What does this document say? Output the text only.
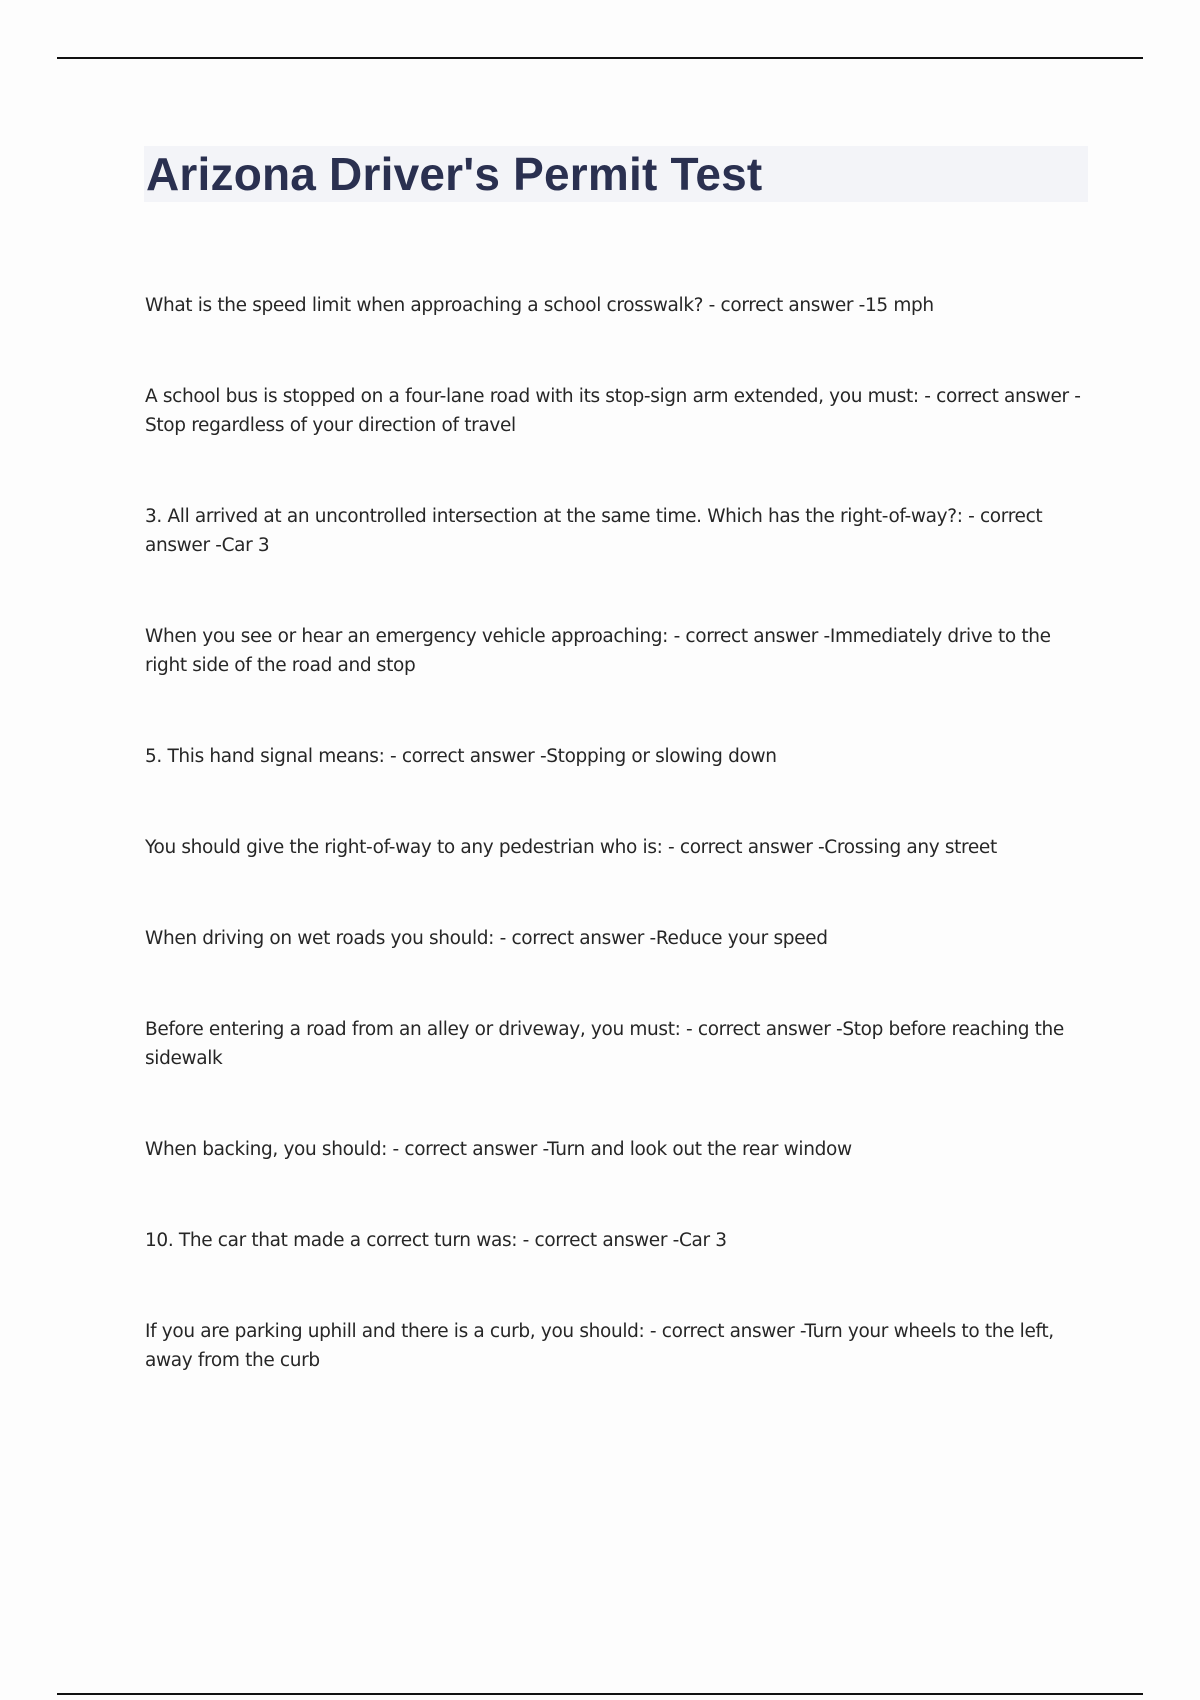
Arizona Driver's Permit Test
What is the speed limit when approaching a school crosswalk? - correct answer -15 mph
A school bus is stopped on a four-lane road with its stop-sign arm extended, you must: - correct answer -Stop regardless of your direction of travel
3. All arrived at an uncontrolled intersection at the same time. Which has the right-of-way?: - correct answer -Car 3
When you see or hear an emergency vehicle approaching: - correct answer -Immediately drive to the right side of the road and stop
5. This hand signal means: - correct answer -Stopping or slowing down
You should give the right-of-way to any pedestrian who is: - correct answer -Crossing any street
When driving on wet roads you should: - correct answer -Reduce your speed
Before entering a road from an alley or driveway, you must: - correct answer -Stop before reaching the sidewalk
When backing, you should: - correct answer -Turn and look out the rear window
10. The car that made a correct turn was: - correct answer -Car 3
If you are parking uphill and there is a curb, you should: - correct answer -Turn your wheels to the left, away from the curb
